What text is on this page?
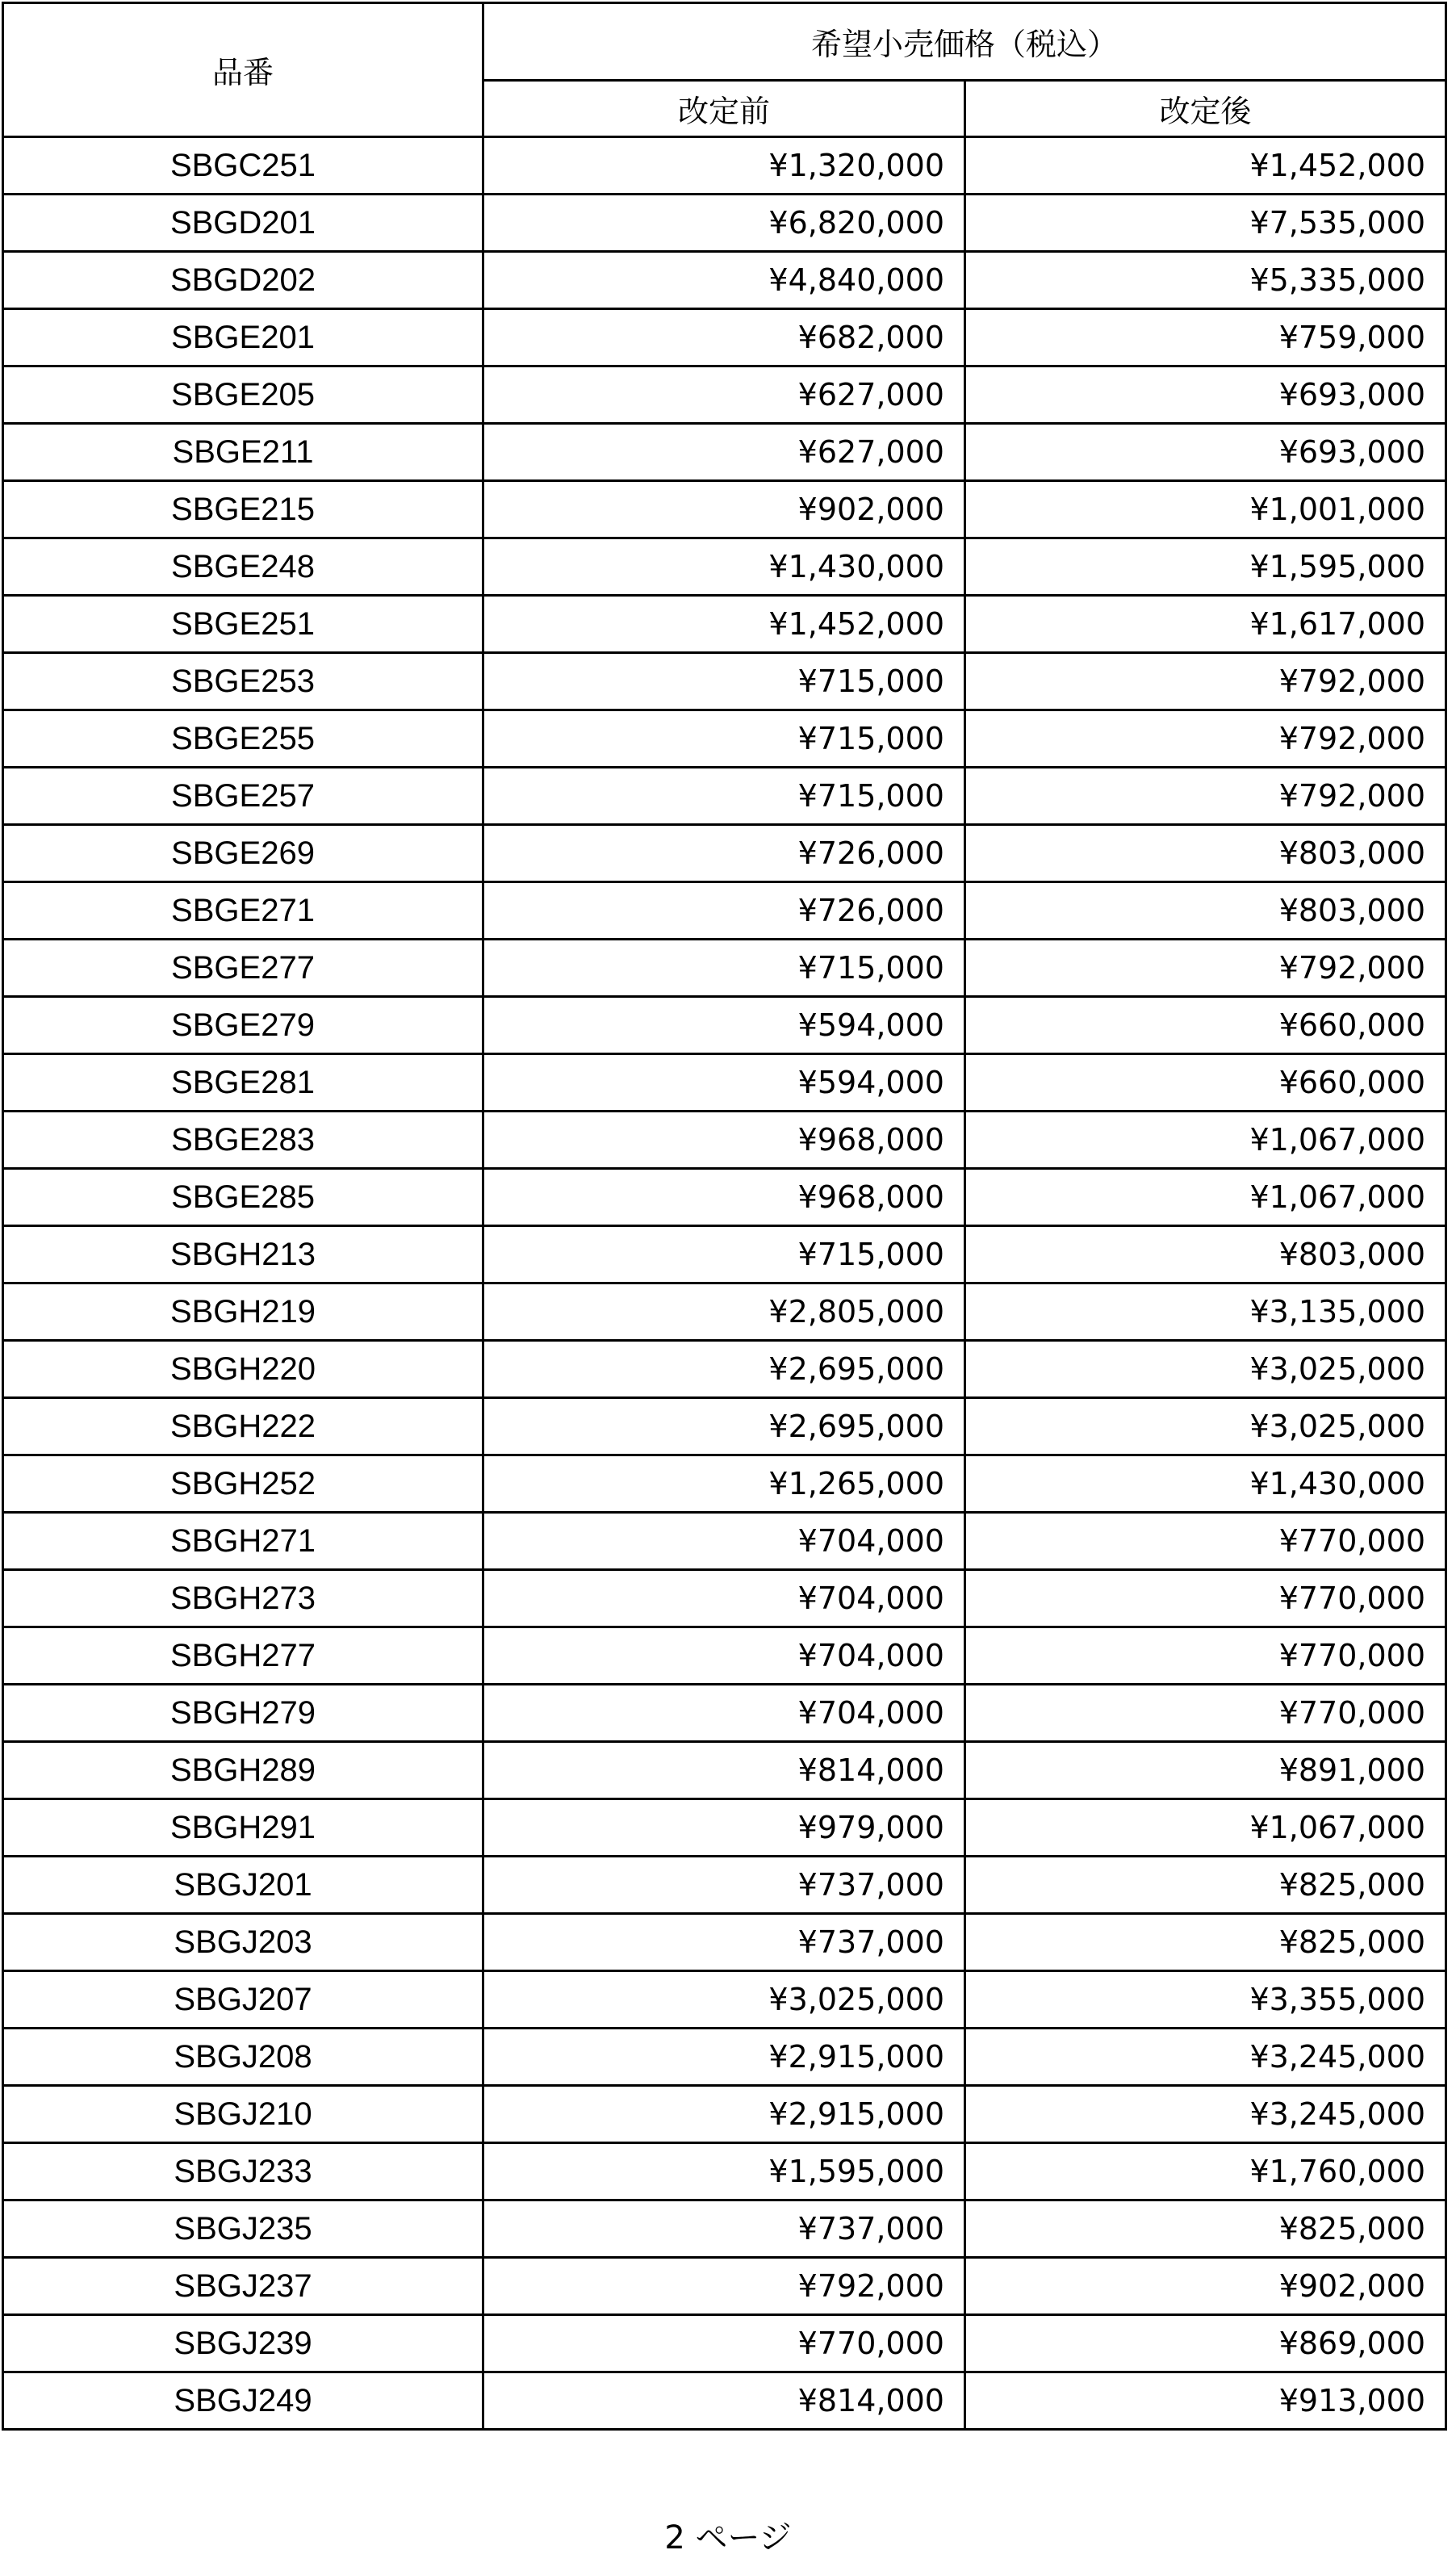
品番	希望小売価格（税込）	
	改定前	改定後
SBGC251	¥1,320,000	¥1,452,000
SBGD201	¥6,820,000	¥7,535,000
SBGD202	¥4,840,000	¥5,335,000
SBGE201	¥682,000	¥759,000
SBGE205	¥627,000	¥693,000
SBGE211	¥627,000	¥693,000
SBGE215	¥902,000	¥1,001,000
SBGE248	¥1,430,000	¥1,595,000
SBGE251	¥1,452,000	¥1,617,000
SBGE253	¥715,000	¥792,000
SBGE255	¥715,000	¥792,000
SBGE257	¥715,000	¥792,000
SBGE269	¥726,000	¥803,000
SBGE271	¥726,000	¥803,000
SBGE277	¥715,000	¥792,000
SBGE279	¥594,000	¥660,000
SBGE281	¥594,000	¥660,000
SBGE283	¥968,000	¥1,067,000
SBGE285	¥968,000	¥1,067,000
SBGH213	¥715,000	¥803,000
SBGH219	¥2,805,000	¥3,135,000
SBGH220	¥2,695,000	¥3,025,000
SBGH222	¥2,695,000	¥3,025,000
SBGH252	¥1,265,000	¥1,430,000
SBGH271	¥704,000	¥770,000
SBGH273	¥704,000	¥770,000
SBGH277	¥704,000	¥770,000
SBGH279	¥704,000	¥770,000
SBGH289	¥814,000	¥891,000
SBGH291	¥979,000	¥1,067,000
SBGJ201	¥737,000	¥825,000
SBGJ203	¥737,000	¥825,000
SBGJ207	¥3,025,000	¥3,355,000
SBGJ208	¥2,915,000	¥3,245,000
SBGJ210	¥2,915,000	¥3,245,000
SBGJ233	¥1,595,000	¥1,760,000
SBGJ235	¥737,000	¥825,000
SBGJ237	¥792,000	¥902,000
SBGJ239	¥770,000	¥869,000
SBGJ249	¥814,000	¥913,000
2 ページ
